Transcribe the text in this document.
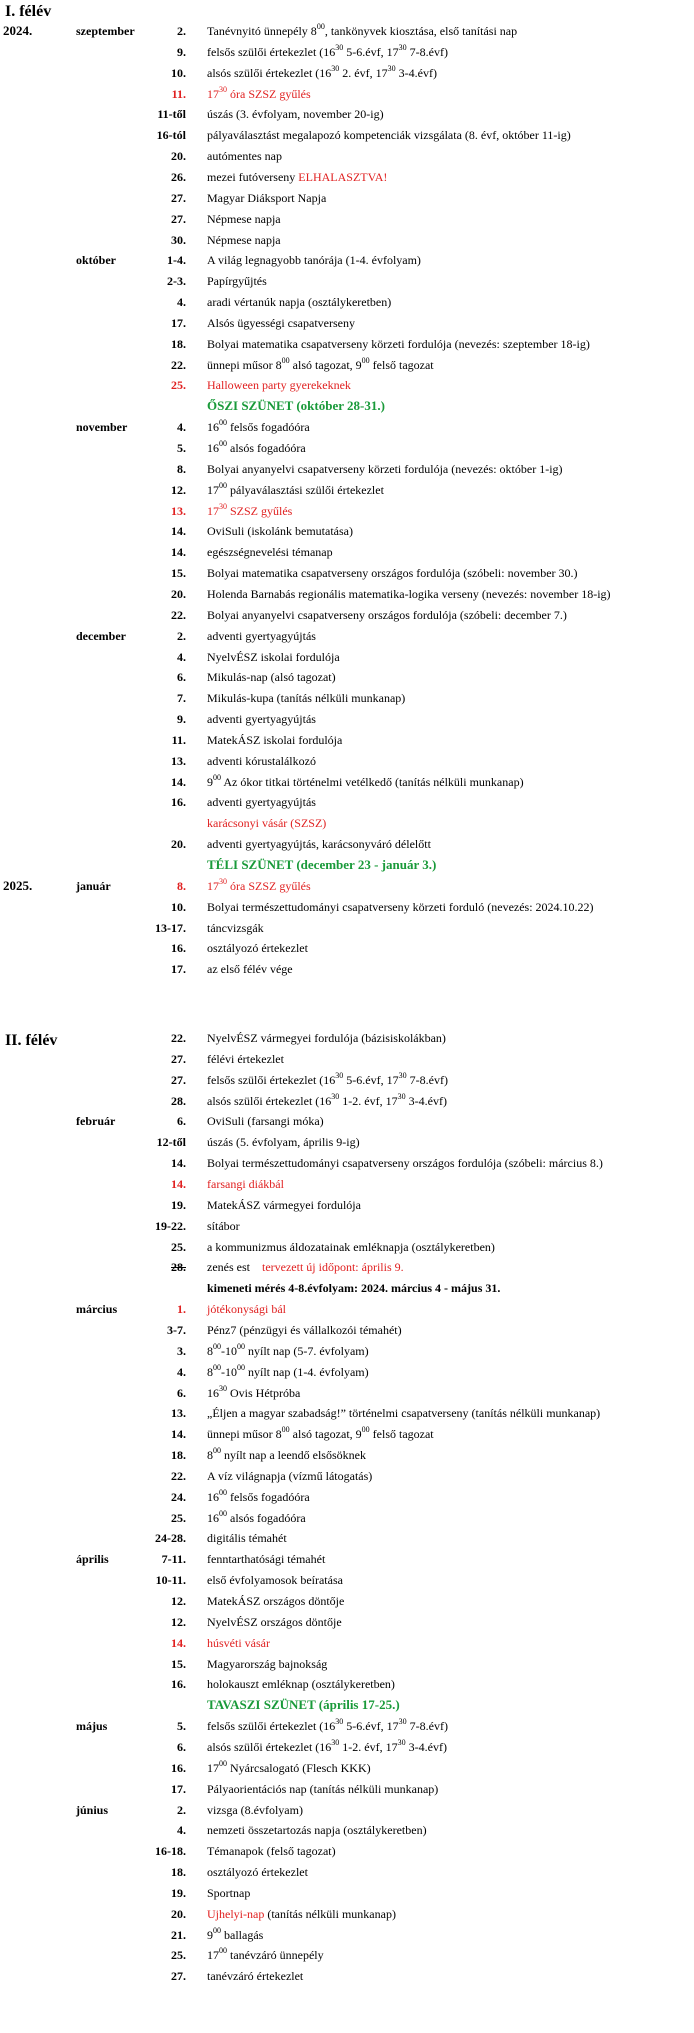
I. félév
II. félév
2024.	szeptember	2. Tanévnyitó ünnepély $8^{00}$, tankönyvek kiosztása, első tanítási nap
9. felsős szülői értekezlet ($16^{30}$ 5-6.évf, $17^{30}$ 7-8.évf)
10. alsós szülői értekezlet ($16^{30}$ 2. évf, $17^{30}$ 3-4.évf)
11. $17^{30}$ óra SZSZ gyűlés
11-től úszás (3. évfolyam, november 20-ig)
16-tól pályaválasztást megalapozó kompetenciák vizsgálata (8. évf, október 11-ig)
20. autómentes nap
26. mezei futóverseny ELHALASZTVA!
27. Magyar Diáksport Napja
27. Népmese napja
30. Népmese napja
október	1-4. A világ legnagyobb tanórája (1-4. évfolyam)
2-3. Papírgyűjtés
4. aradi vértanúk napja (osztálykeretben)
17. Alsós ügyességi csapatverseny
18. Bolyai matematika csapatverseny körzeti fordulója (nevezés: szeptember 18-ig)
22. ünnepi műsor $8^{00}$ alsó tagozat, $9^{00}$ felső tagozat
25. Halloween party gyerekeknek
ŐSZI SZÜNET (október 28-31.)
november	4. $16^{00}$ felsős fogadóóra
5. $16^{00}$ alsós fogadóóra
8. Bolyai anyanyelvi csapatverseny körzeti fordulója (nevezés: október 1-ig)
12. $17^{00}$ pályaválasztási szülői értekezlet
13. $17^{30}$ SZSZ gyűlés
14. OviSuli (iskolánk bemutatása)
14. egészségnevelési témanap
15. Bolyai matematika csapatverseny országos fordulója (szóbeli: november 30.)
20. Holenda Barnabás regionális matematika-logika verseny (nevezés: november 18-ig)
22. Bolyai anyanyelvi csapatverseny országos fordulója (szóbeli: december 7.)
december	2. adventi gyertyagyújtás
4. NyelvÉSZ iskolai fordulója
6. Mikulás-nap (alsó tagozat)
7. Mikulás-kupa (tanítás nélküli munkanap)
9. adventi gyertyagyújtás
11. MatekÁSZ iskolai fordulója
13. adventi kórustalálkozó
14. $9^{00}$ Az ókor titkai történelmi vetélkedő (tanítás nélküli munkanap)
16. adventi gyertyagyújtás
karácsonyi vásár (SZSZ)
20. adventi gyertyagyújtás, karácsonyváró délelőtt
TÉLI SZÜNET (december 23 - január 3.)
2025.	január	8. $17^{30}$ óra SZSZ gyűlés
10. Bolyai természettudományi csapatverseny körzeti forduló (nevezés: 2024.10.22)
13-17. táncvizsgák
16. osztályozó értekezlet
17. az első félév vége
22. NyelvÉSZ vármegyei fordulója (bázisiskolákban)
27. félévi értekezlet
27. felsős szülői értekezlet ($16^{30}$ 5-6.évf, $17^{30}$ 7-8.évf)
28. alsós szülői értekezlet ($16^{30}$ 1-2. évf, $17^{30}$ 3-4.évf)
február	6. OviSuli (farsangi móka)
12-től úszás (5. évfolyam, április 9-ig)
14. Bolyai természettudományi csapatverseny országos fordulója (szóbeli: március 8.)
14. farsangi diákbál
19. MatekÁSZ vármegyei fordulója
19-22. sítábor
25. a kommunizmus áldozatainak emléknapja (osztálykeretben)
28. zenés est    tervezett új időpont: április 9.
kimeneti mérés 4-8.évfolyam: 2024. március 4 - május 31.
március	1. jótékonysági bál
3-7. Pénz7 (pénzügyi és vállalkozói témahét)
3. $8^{00}-10^{00}$ nyílt nap (5-7. évfolyam)
4. $8^{00}-10^{00}$ nyílt nap (1-4. évfolyam)
6. $16^{30}$ Ovis Hétpróba
13. „Éljen a magyar szabadság!” történelmi csapatverseny (tanítás nélküli munkanap)
14. ünnepi műsor $8^{00}$ alsó tagozat, $9^{00}$ felső tagozat
18. $8^{00}$ nyílt nap a leendő elsősöknek
22. A víz világnapja (vízmű látogatás)
24. $16^{00}$ felsős fogadóóra
25. $16^{00}$ alsós fogadóóra
24-28. digitális témahét
április	7-11. fenntarthatósági témahét
10-11. első évfolyamosok beíratása
12. MatekÁSZ országos döntője
12. NyelvÉSZ országos döntője
14. húsvéti vásár
15. Magyarország bajnokság
16. holokauszt emléknap (osztálykeretben)
TAVASZI SZÜNET (április 17-25.)
május	5. felsős szülői értekezlet ($16^{30}$ 5-6.évf, $17^{30}$ 7-8.évf)
6. alsós szülői értekezlet ($16^{30}$ 1-2. évf, $17^{30}$ 3-4.évf)
16. $17^{00}$ Nyárcsalogató (Flesch KKK)
17. Pályaorientációs nap (tanítás nélküli munkanap)
június	2. vizsga (8.évfolyam)
4. nemzeti összetartozás napja (osztálykeretben)
16-18. Témanapok (felső tagozat)
18. osztályozó értekezlet
19. Sportnap
20. Ujhelyi-nap (tanítás nélküli munkanap)
21. $9^{00}$ ballagás
25. $17^{00}$ tanévzáró ünnepély
27. tanévzáró értekezlet
